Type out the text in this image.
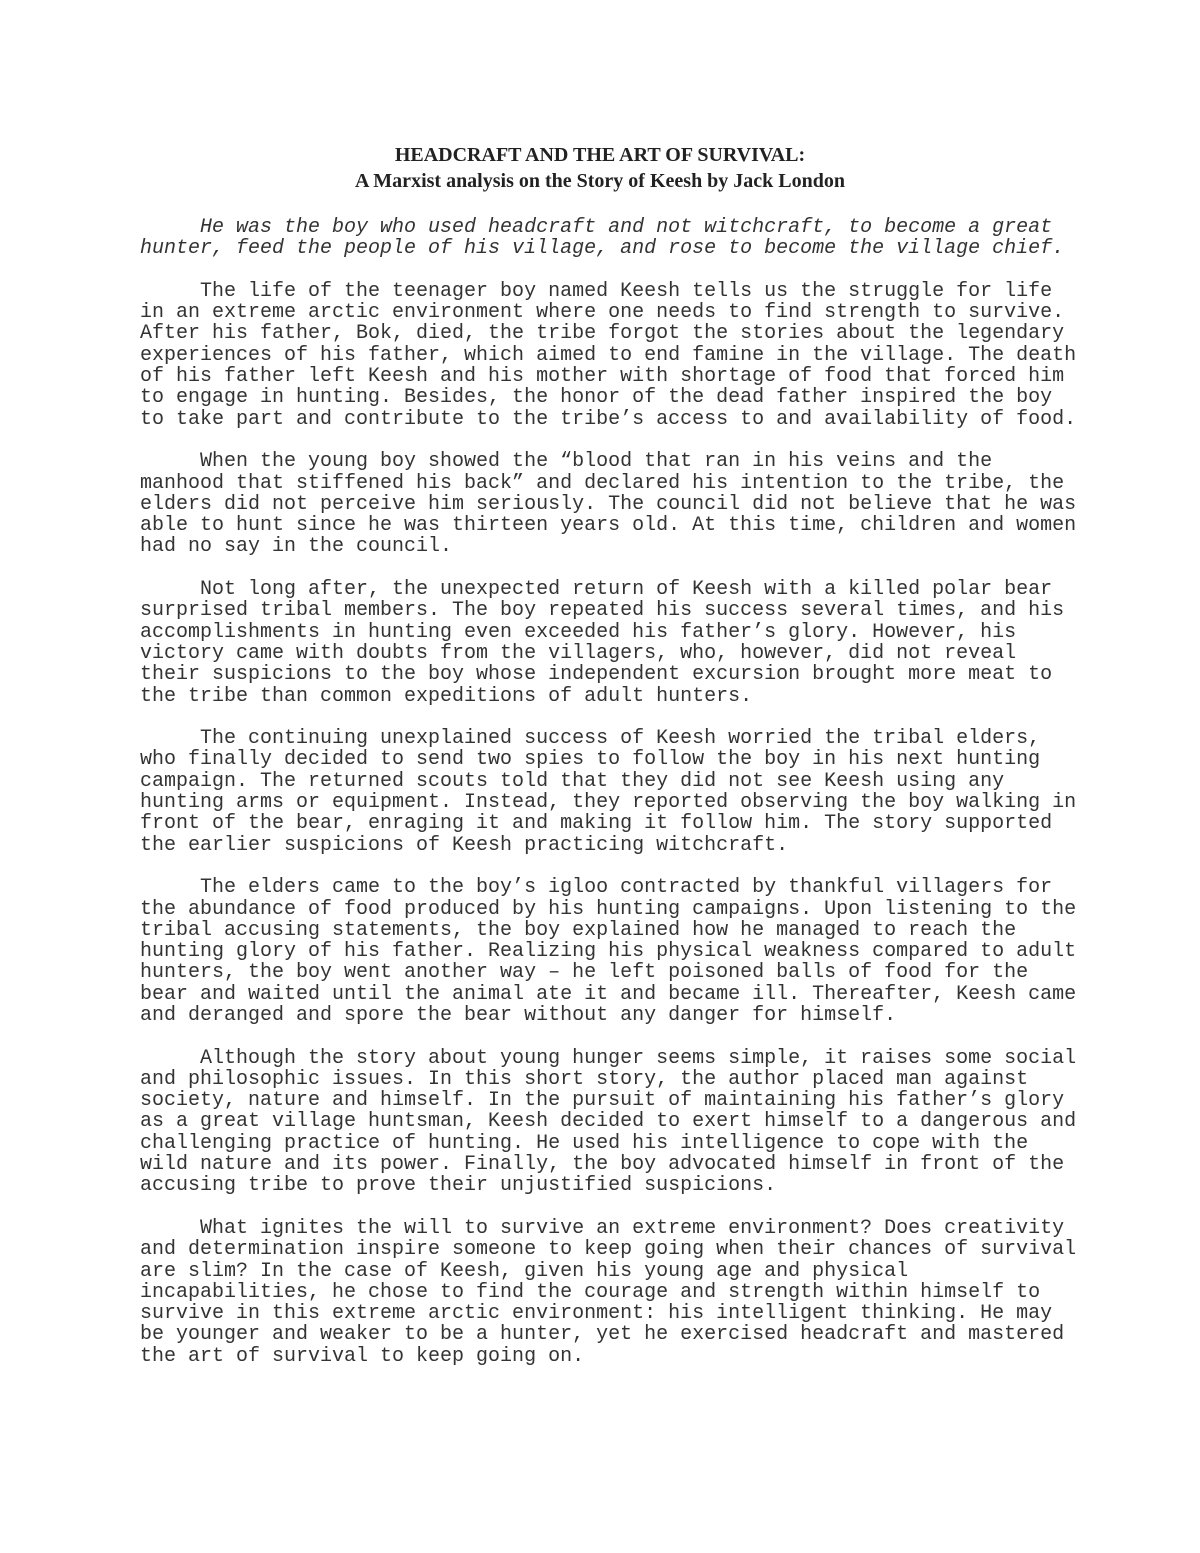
HEADCRAFT AND THE ART OF SURVIVAL:
A Marxist analysis on the Story of Keesh by Jack London
He was the boy who used headcraft and not witchcraft, to become a great
hunter, feed the people of his village, and rose to become the village chief.
The life of the teenager boy named Keesh tells us the struggle for life
in an extreme arctic environment where one needs to find strength to survive.
After his father, Bok, died, the tribe forgot the stories about the legendary
experiences of his father, which aimed to end famine in the village. The death
of his father left Keesh and his mother with shortage of food that forced him
to engage in hunting. Besides, the honor of the dead father inspired the boy
to take part and contribute to the tribe’s access to and availability of food.
When the young boy showed the “blood that ran in his veins and the
manhood that stiffened his back” and declared his intention to the tribe, the
elders did not perceive him seriously. The council did not believe that he was
able to hunt since he was thirteen years old. At this time, children and women
had no say in the council.
Not long after, the unexpected return of Keesh with a killed polar bear
surprised tribal members. The boy repeated his success several times, and his
accomplishments in hunting even exceeded his father’s glory. However, his
victory came with doubts from the villagers, who, however, did not reveal
their suspicions to the boy whose independent excursion brought more meat to
the tribe than common expeditions of adult hunters.
The continuing unexplained success of Keesh worried the tribal elders,
who finally decided to send two spies to follow the boy in his next hunting
campaign. The returned scouts told that they did not see Keesh using any
hunting arms or equipment. Instead, they reported observing the boy walking in
front of the bear, enraging it and making it follow him. The story supported
the earlier suspicions of Keesh practicing witchcraft.
The elders came to the boy’s igloo contracted by thankful villagers for
the abundance of food produced by his hunting campaigns. Upon listening to the
tribal accusing statements, the boy explained how he managed to reach the
hunting glory of his father. Realizing his physical weakness compared to adult
hunters, the boy went another way – he left poisoned balls of food for the
bear and waited until the animal ate it and became ill. Thereafter, Keesh came
and deranged and spore the bear without any danger for himself.
Although the story about young hunger seems simple, it raises some social
and philosophic issues. In this short story, the author placed man against
society, nature and himself. In the pursuit of maintaining his father’s glory
as a great village huntsman, Keesh decided to exert himself to a dangerous and
challenging practice of hunting. He used his intelligence to cope with the
wild nature and its power. Finally, the boy advocated himself in front of the
accusing tribe to prove their unjustified suspicions.
What ignites the will to survive an extreme environment? Does creativity
and determination inspire someone to keep going when their chances of survival
are slim? In the case of Keesh, given his young age and physical
incapabilities, he chose to find the courage and strength within himself to
survive in this extreme arctic environment: his intelligent thinking. He may
be younger and weaker to be a hunter, yet he exercised headcraft and mastered
the art of survival to keep going on.
